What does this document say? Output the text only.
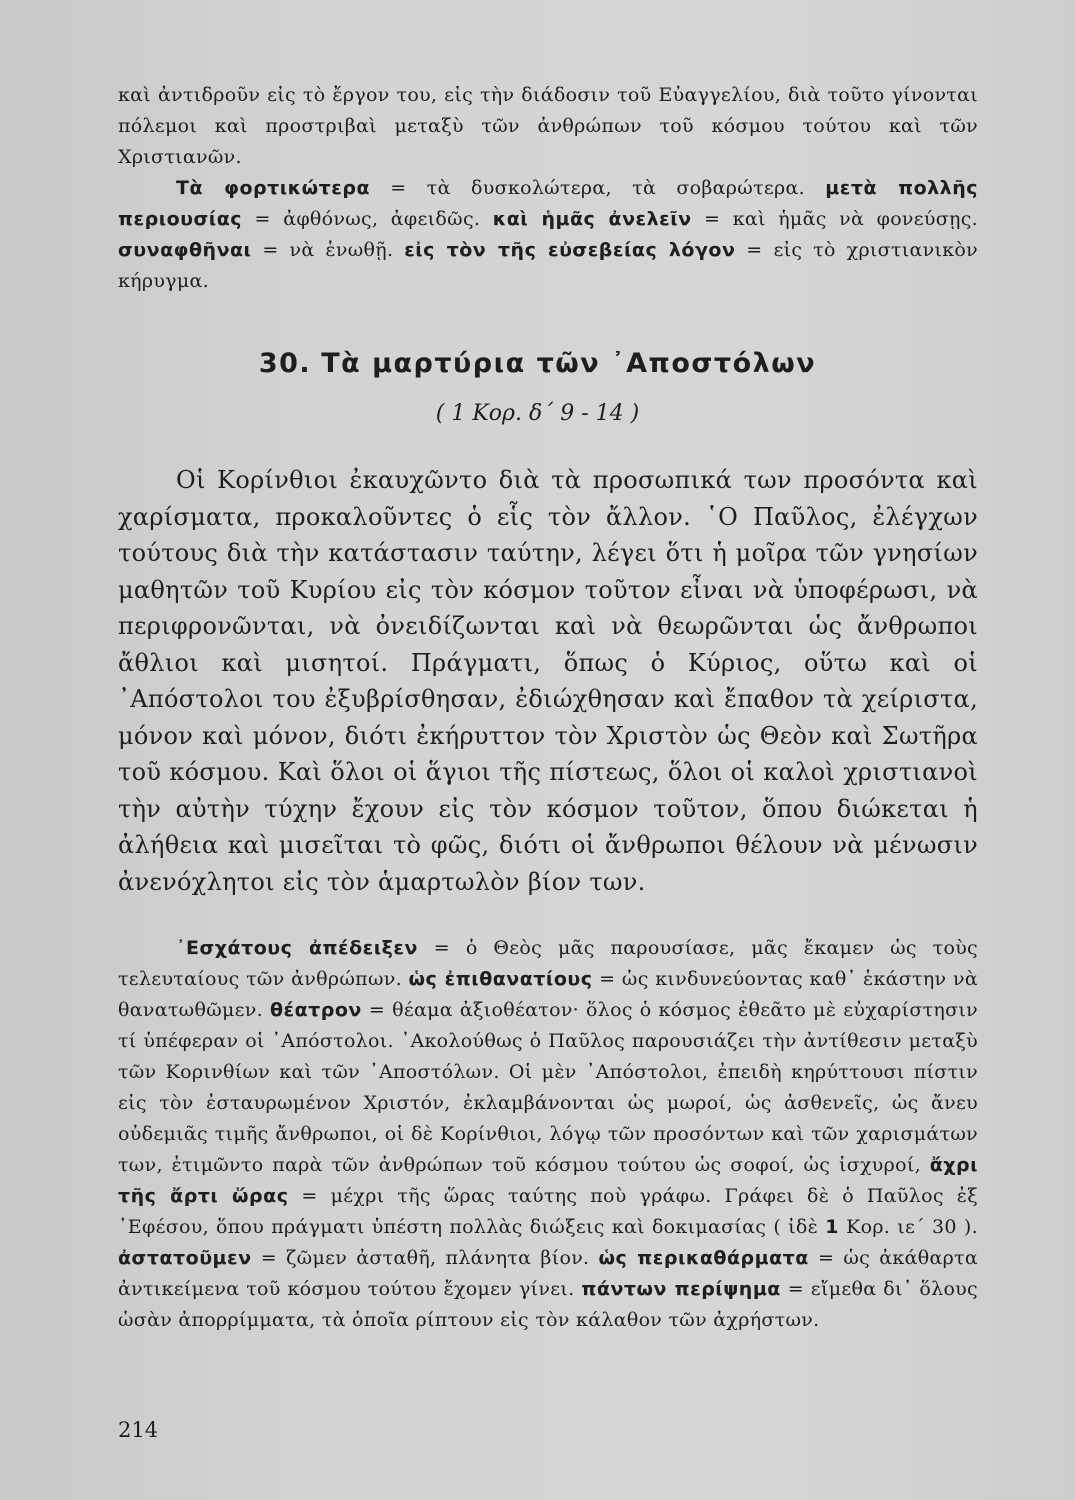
καὶ ἀντιδροῦν εἰς τὸ ἔργον του, εἰς τὴν διάδοσιν τοῦ Εὐαγγελίου, διὰ τοῦτο γίνονται πόλεμοι καὶ προστριβαὶ μεταξὺ τῶν ἀνθρώπων τοῦ κόσμου τούτου καὶ τῶν Χριστιανῶν.

Τὰ φορτικώτερα = τὰ δυσκολώτερα, τὰ σοβαρώτερα. μετὰ πολλῆς περιουσίας = ἀφθόνως, ἀφειδῶς. καὶ ἡμᾶς ἀνελεῖν = καὶ ἡμᾶς νὰ φονεύσῃς. συναφθῆναι = νὰ ἑνωθῇ. εἰς τὸν τῆς εὐσεβείας λόγον = εἰς τὸ χριστιανικὸν κήρυγμα.

30. Τὰ μαρτύρια τῶν ᾿Αποστόλων
( 1 Κορ. δ΄ 9 - 14 )

Οἱ Κορίνθιοι ἐκαυχῶντο διὰ τὰ προσωπικά των προσόντα καὶ χαρίσματα, προκαλοῦντες ὁ εἷς τὸν ἄλλον. ῾Ο Παῦλος, ἐλέγχων τούτους διὰ τὴν κατάστασιν ταύτην, λέγει ὅτι ἡ μοῖρα τῶν γνησίων μαθητῶν τοῦ Κυρίου εἰς τὸν κόσμον τοῦτον εἶναι νὰ ὑποφέρωσι, νὰ περιφρονῶνται, νὰ ὀνειδίζωνται καὶ νὰ θεωρῶνται ὡς ἄνθρωποι ἄθλιοι καὶ μισητοί. Πράγματι, ὅπως ὁ Κύριος, οὕτω καὶ οἱ ᾿Απόστολοι του ἐξυβρίσθησαν, ἐδιώχθησαν καὶ ἔπαθον τὰ χείριστα, μόνον καὶ μόνον, διότι ἐκήρυττον τὸν Χριστὸν ὡς Θεὸν καὶ Σωτῆρα τοῦ κόσμου. Καὶ ὅλοι οἱ ἅγιοι τῆς πίστεως, ὅλοι οἱ καλοὶ χριστιανοὶ τὴν αὐτὴν τύχην ἔχουν εἰς τὸν κόσμον τοῦτον, ὅπου διώκεται ἡ ἀλήθεια καὶ μισεῖται τὸ φῶς, διότι οἱ ἄνθρωποι θέλουν νὰ μένωσιν ἀνενόχλητοι εἰς τὸν ἁμαρτωλὸν βίον των.

᾿Εσχάτους ἀπέδειξεν = ὁ Θεὸς μᾶς παρουσίασε, μᾶς ἔκαμεν ὡς τοὺς τελευταίους τῶν ἀνθρώπων. ὡς ἐπιθανατίους = ὡς κινδυνεύοντας καθ᾿ ἑκάστην νὰ θανατωθῶμεν. θέατρον = θέαμα ἀξιοθέατον· ὅλος ὁ κόσμος ἐθεᾶτο μὲ εὐχαρίστησιν τί ὑπέφεραν οἱ ᾿Απόστολοι. ᾿Ακολούθως ὁ Παῦλος παρουσιάζει τὴν ἀντίθεσιν μεταξὺ τῶν Κορινθίων καὶ τῶν ᾿Αποστόλων. Οἱ μὲν ᾿Απόστολοι, ἐπειδὴ κηρύττουσι πίστιν εἰς τὸν ἐσταυρωμένον Χριστόν, ἐκλαμβάνονται ὡς μωροί, ὡς ἀσθενεῖς, ὡς ἄνευ οὐδεμιᾶς τιμῆς ἄνθρωποι, οἱ δὲ Κορίνθιοι, λόγῳ τῶν προσόντων καὶ τῶν χαρισμάτων των, ἐτιμῶντο παρὰ τῶν ἀνθρώπων τοῦ κόσμου τούτου ὡς σοφοί, ὡς ἰσχυροί, ἄχρι τῆς ἄρτι ὥρας = μέχρι τῆς ὥρας ταύτης ποὺ γράφω. Γράφει δὲ ὁ Παῦλος ἐξ ᾿Εφέσου, ὅπου πράγματι ὑπέστη πολλὰς διώξεις καὶ δοκιμασίας ( ἰδὲ 1 Κορ. ιε΄ 30 ). ἀστατοῦμεν = ζῶμεν ἀσταθῆ, πλάνητα βίον. ὡς περικαθάρματα = ὡς ἀκάθαρτα ἀντικείμενα τοῦ κόσμου τούτου ἔχομεν γίνει. πάντων περίψημα = εἴμεθα δι᾿ ὅλους ὡσὰν ἀπορρίμματα, τὰ ὁποῖα ρίπτουν εἰς τὸν κάλαθον τῶν ἀχρήστων.

214
